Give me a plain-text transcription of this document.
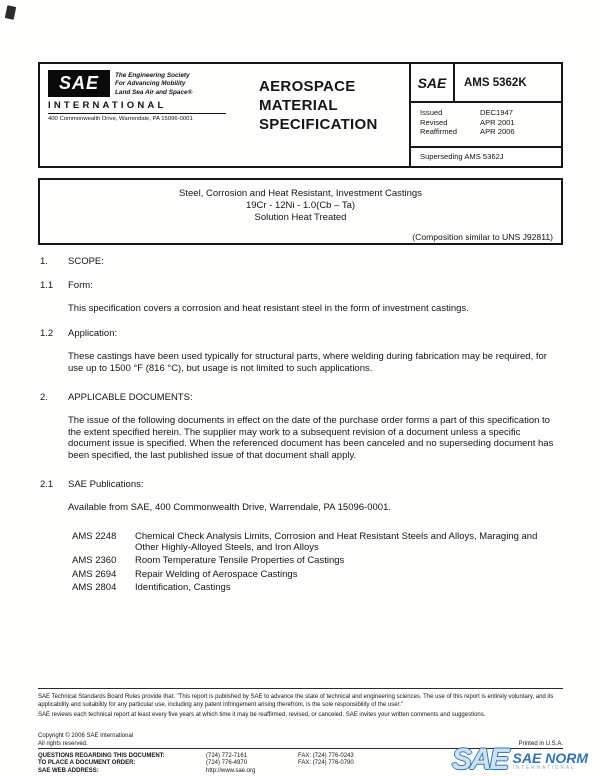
SAE	The Engineering Society
For Advancing Mobility
Land Sea Air and Space®
INTERNATIONAL
400 Commonwealth Drive, Warrendale, PA 15096-0001
AEROSPACE
MATERIAL
SPECIFICATION
SAE	AMS 5362K
Issued	DEC1947
Revised	APR 2001
Reaffirmed	APR 2006
Superseding AMS 5362J
Steel, Corrosion and Heat Resistant, Investment Castings
19Cr - 12Ni - 1.0(Cb – Ta)
Solution Heat Treated
(Composition similar to UNS J92811)
1.	SCOPE:
1.1	Form:
This specification covers a corrosion and heat resistant steel in the form of investment castings.
1.2	Application:
These castings have been used typically for structural parts, where welding during fabrication may be required, for use up to 1500 °F (816 °C), but usage is not limited to such applications.
2.	APPLICABLE DOCUMENTS:
The issue of the following documents in effect on the date of the purchase order forms a part of this specification to the extent specified herein. The supplier may work to a subsequent revision of a document unless a specific document issue is specified. When the referenced document has been canceled and no superseding document has been specified, the last published issue of that document shall apply.
2.1	SAE Publications:
Available from SAE, 400 Commonwealth Drive, Warrendale, PA 15096-0001.
AMS 2248	Chemical Check Analysis Limits, Corrosion and Heat Resistant Steels and Alloys, Maraging and Other Highly-Alloyed Steels, and Iron Alloys
AMS 2360	Room Temperature Tensile Properties of Castings
AMS 2694	Repair Welding of Aerospace Castings
AMS 2804	Identification, Castings

SAE Technical Standards Board Rules provide that: "This report is published by SAE to advance the state of technical and engineering sciences. The use of this report is entirely voluntary, and its applicability and suitability for any particular use, including any patent infringement arising therefrom, is the sole responsibility of the user."

SAE reviews each technical report at least every five years at which time it may be reaffirmed, revised, or canceled. SAE invites your written comments and suggestions.

Copyright © 2006 SAE International
All rights reserved.	Printed in U.S.A.
QUESTIONS REGARDING THIS DOCUMENT:	(724) 772-7161	FAX: (724) 776-0243
TO PLACE A DOCUMENT ORDER:	(724) 776-4970	FAX: (724) 776-0790
SAE WEB ADDRESS:	http://www.sae.org	SAE SAE NORM
INTERNATIONAL
